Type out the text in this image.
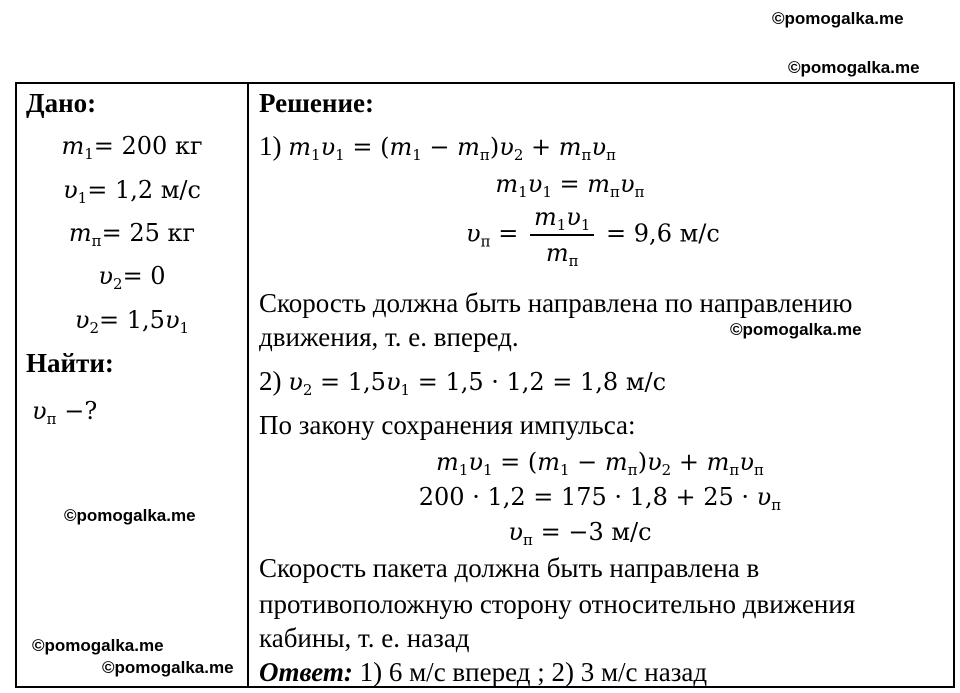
©pomogalka.me
©pomogalka.me
©pomogalka.me
©pomogalka.me
©pomogalka.me
©pomogalka.me
Дано:
$m_1= 200$ кг
$\upsilon_1= 1,2$ м/с
$m_п= 25$ кг
$\upsilon_2= 0$
$\upsilon_2= 1,5\upsilon_1$
Найти:
$\upsilon_п$ −?
Решение:
1) $m_1\upsilon_1 = (m_1 - m_п)\upsilon_2 + m_п\upsilon_п$
$m_1\upsilon_1 = m_п\upsilon_п$
$\upsilon_п = \frac{m_1\upsilon_1}{m_п} = 9,6$ м/с
Скорость должна быть направлена по направлению
движения, т. е. вперед.
2) $\upsilon_2 = 1,5\upsilon_1 = 1,5 \cdot 1,2 = 1,8$ м/с
По закону сохранения импульса:
$m_1\upsilon_1 = (m_1 - m_п)\upsilon_2 + m_п\upsilon_п$
$200 \cdot 1,2 = 175 \cdot 1,8 + 25 \cdot \upsilon_п$
$\upsilon_п = -3$ м/с
Скорость пакета должна быть направлена в
противоположную сторону относительно движения
кабины, т. е. назад
Ответ: 1) 6 м/с вперед ; 2) 3 м/с назад
